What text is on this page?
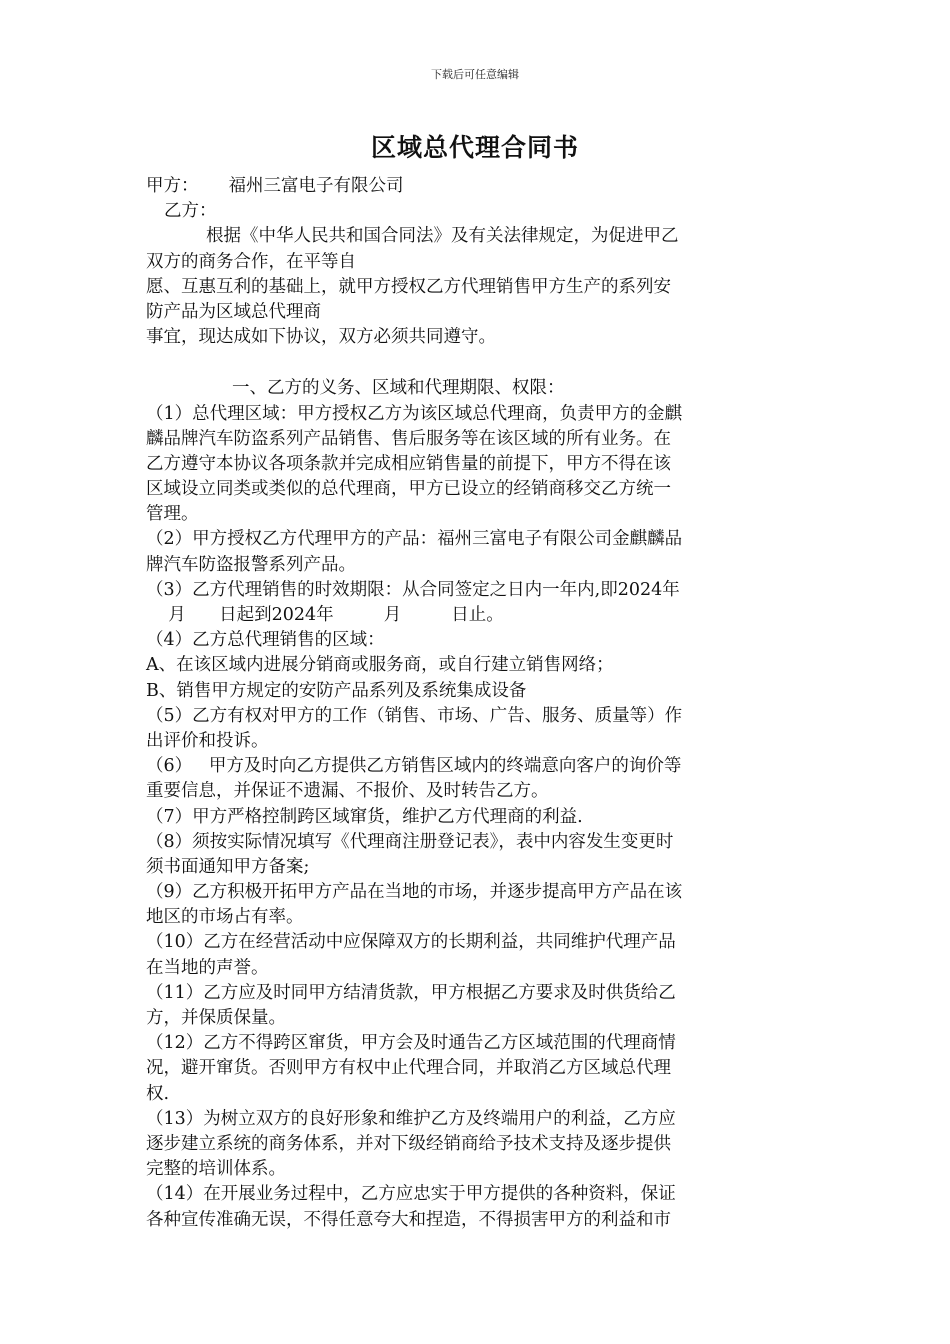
下载后可任意编辑
区域总代理合同书
甲方： 福州三富电子有限公司
乙方：
根据《中华人民共和国合同法》及有关法律规定，为促进甲乙
双方的商务合作，在平等自
愿、互惠互利的基础上，就甲方授权乙方代理销售甲方生产的系列安
防产品为区域总代理商
事宜，现达成如下协议，双方必须共同遵守。
一、乙方的义务、区域和代理期限、权限：
（1）总代理区域：甲方授权乙方为该区域总代理商，负责甲方的金麒
麟品牌汽车防盗系列产品销售、售后服务等在该区域的所有业务。在
乙方遵守本协议各项条款并完成相应销售量的前提下，甲方不得在该
区域设立同类或类似的总代理商，甲方已设立的经销商移交乙方统一
管理。
（2）甲方授权乙方代理甲方的产品：福州三富电子有限公司金麒麟品
牌汽车防盗报警系列产品。
（3）乙方代理销售的时效期限：从合同签定之日内一年内,即2024年
月      日起到2024年         月         日止。
（4）乙方总代理销售的区域：
A、在该区域内进展分销商或服务商，或自行建立销售网络；
B、销售甲方规定的安防产品系列及系统集成设备
（5）乙方有权对甲方的工作（销售、市场、广告、服务、质量等）作
出评价和投诉。
（6）   甲方及时向乙方提供乙方销售区域内的终端意向客户的询价等
重要信息，并保证不遗漏、不报价、及时转告乙方。
（7）甲方严格控制跨区域窜货，维护乙方代理商的利益.
（8）须按实际情况填写《代理商注册登记表》，表中内容发生变更时
须书面通知甲方备案;
（9）乙方积极开拓甲方产品在当地的市场，并逐步提高甲方产品在该
地区的市场占有率。
（10）乙方在经营活动中应保障双方的长期利益，共同维护代理产品
在当地的声誉。
（11）乙方应及时同甲方结清货款，甲方根据乙方要求及时供货给乙
方，并保质保量。
（12）乙方不得跨区窜货，甲方会及时通告乙方区域范围的代理商情
况，避开窜货。否则甲方有权中止代理合同，并取消乙方区域总代理
权.
（13）为树立双方的良好形象和维护乙方及终端用户的利益，乙方应
逐步建立系统的商务体系，并对下级经销商给予技术支持及逐步提供
完整的培训体系。
（14）在开展业务过程中，乙方应忠实于甲方提供的各种资料，保证
各种宣传准确无误，不得任意夸大和捏造，不得损害甲方的利益和市
